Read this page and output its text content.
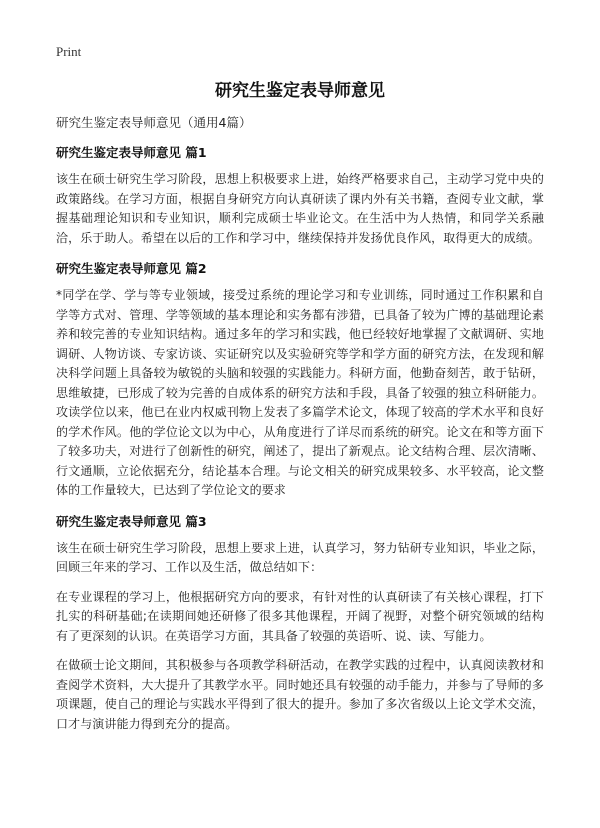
Print
研究生鉴定表导师意见
研究生鉴定表导师意见（通用4篇）
研究生鉴定表导师意见 篇1

该生在硕士研究生学习阶段，思想上积极要求上进，始终严格要求自己，主动学习党中央的政策路线。在学习方面，根据自身研究方向认真研读了课内外有关书籍，查阅专业文献，掌握基础理论知识和专业知识，顺利完成硕士毕业论文。在生活中为人热情，和同学关系融洽，乐于助人。希望在以后的工作和学习中，继续保持并发扬优良作风，取得更大的成绩。

研究生鉴定表导师意见 篇2

*同学在学、学与等专业领域，接受过系统的理论学习和专业训练，同时通过工作积累和自学等方式对、管理、学等领域的基本理论和实务都有涉猎，已具备了较为广博的基础理论素养和较完善的专业知识结构。通过多年的学习和实践，他已经较好地掌握了文献调研、实地调研、人物访谈、专家访谈、实证研究以及实验研究等学和学方面的研究方法，在发现和解决科学问题上具备较为敏锐的头脑和较强的实践能力。科研方面，他勤奋刻苦，敢于钻研，思维敏捷，已形成了较为完善的自成体系的研究方法和手段，具备了较强的独立科研能力。攻读学位以来，他已在业内权威刊物上发表了多篇学术论文，体现了较高的学术水平和良好的学术作风。他的学位论文以为中心，从角度进行了详尽而系统的研究。论文在和等方面下了较多功夫，对进行了创新性的研究，阐述了，提出了新观点。论文结构合理、层次清晰、行文通顺，立论依据充分，结论基本合理。与论文相关的研究成果较多、水平较高，论文整体的工作量较大，已达到了学位论文的要求

研究生鉴定表导师意见 篇3

该生在硕士研究生学习阶段，思想上要求上进，认真学习，努力钻研专业知识，毕业之际，回顾三年来的学习、工作以及生活，做总结如下：

在专业课程的学习上，他根据研究方向的要求，有针对性的认真研读了有关核心课程，打下扎实的科研基础;在读期间她还研修了很多其他课程，开阔了视野，对整个研究领域的结构有了更深刻的认识。在英语学习方面，其具备了较强的英语听、说、读、写能力。

在做硕士论文期间，其积极参与各项教学科研活动，在教学实践的过程中，认真阅读教材和查阅学术资料，大大提升了其教学水平。同时她还具有较强的动手能力，并参与了导师的多项课题，使自己的理论与实践水平得到了很大的提升。参加了多次省级以上论文学术交流，口才与演讲能力得到充分的提高。
